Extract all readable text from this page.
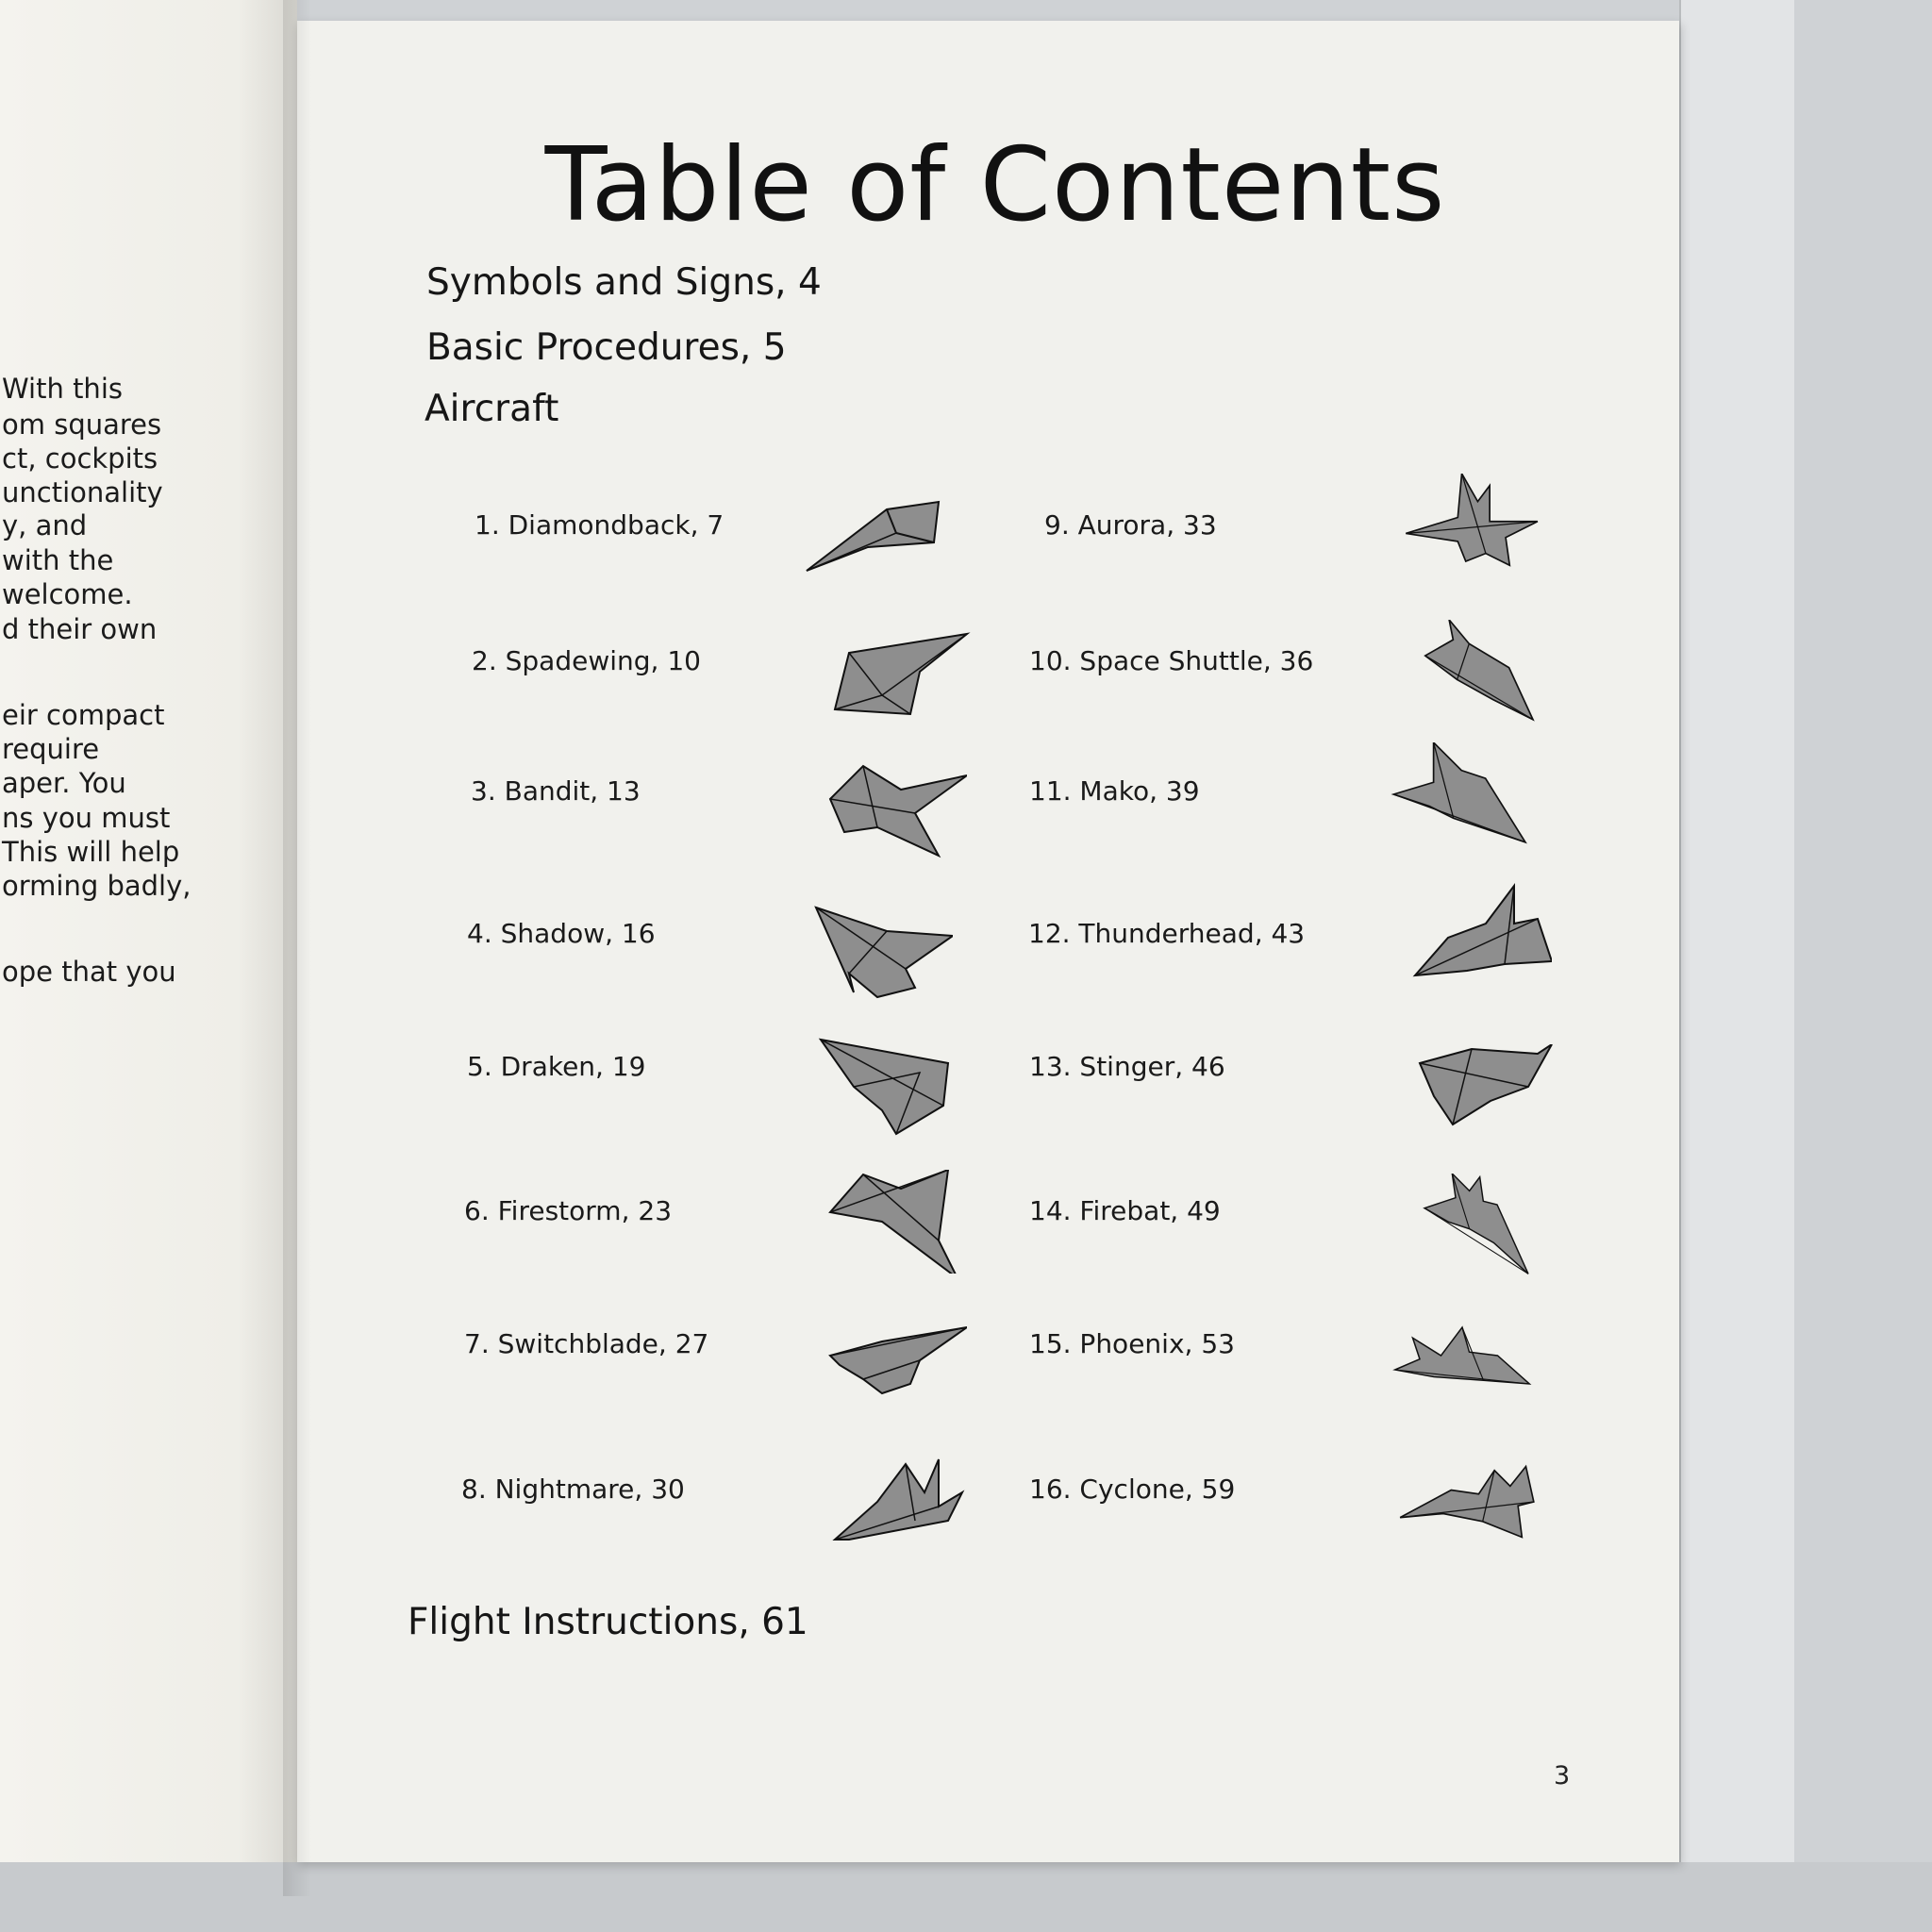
With this
om squares
ct, cockpits
unctionality
y, and
with the
welcome.
d their own
eir compact
require
aper. You
ns you must
This will help
orming badly,
ope that you
Table of Contents
Symbols and Signs, 4
Basic Procedures, 5
Aircraft
1. Diamondback, 7
2. Spadewing, 10
3. Bandit, 13
4. Shadow, 16
5. Draken, 19
6. Firestorm, 23
7. Switchblade, 27
8. Nightmare, 30
9. Aurora, 33
10. Space Shuttle, 36
11. Mako, 39
12. Thunderhead, 43
13. Stinger, 46
14. Firebat, 49
15. Phoenix, 53
16. Cyclone, 59
Flight Instructions, 61
3
